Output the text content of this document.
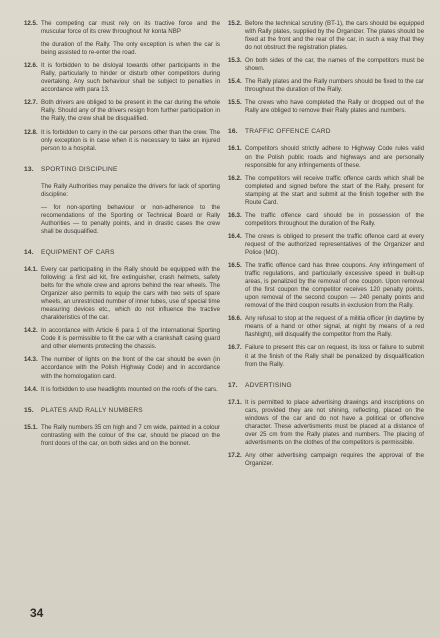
12.5. The competing car must rely on its tractive force and the muscular force of its crew throughout Nr konta NBP
the duration of the Rally. The only exception is when the car is being assisted to re-enter the road.
12.6. It is forbidden to be disloyal towards other participants in the Rally, particularly to hinder or disturb other competitors during overtaking. Any such behaviour shall be subject to penalties in accordance with para 13.
12.7. Both drivers are obliged to be present in the car during the whole Rally. Should any of the drivers resign from further participation in the Rally, the crew shall be disqualified.
12.8. It is forbidden to carry in the car persons other than the crew. The only exception is in case when it is necessary to take an injured person to a hospital.
13.	SPORTING DISCIPLINE
The Rally Authorities may penalize the drivers for lack of sporting discipline:
— for non-sporting behaviour or non-adherence to the recomendations of the Sporting or Technical Board or Rally Authorities — to penalty points, and in drastic cases the crew shall be dusqualified.
14.	EQUIPMENT OF CARS
14.1. Every car participating in the Rally should be equipped with the following: a first aid kit, fire extinguisher, crash helmets, safety belts for the whole crew and aprons behind the rear wheels. The Organizer also permits to equip the cars with two sets of spare wheels, an unrestricted number of inner tubes, use of special time measuring devices etc., which do not influence the tractive charakteristics of the car.
14.2. In accordance with Article 6 para 1 of the International Sporting Code it is permissible to fit the car with a crankshaft casing guard and other elements protecting the chassis.
14.3. The number of lights on the front of the car should be even (in accordance with the Polish Highway Code) and in accordance with the homologation card.
14.4. It is forbidden to use headlights mounted on the roofs of the cars.
15.	PLATES AND RALLY NUMBERS
15.1. The Rally numbers 35 cm high and 7 cm wide, painted in a colour contrasting with the colour of the car, should be placed on the front doors of the car, on both sides and on the bonnet.
15.2. Before the technical scrutiny (BT-1), the cars should be equipped with Rally plates, supplied by the Organizer. The plates should be fixed at the front and the rear of the car, in such a way that they do not obstruct the registration plates.
15.3. On both sides of the car, the names of the competitors must be shown.
15.4. The Rally plates and the Rally numbers should be fixed to the car throughout the duration of the Rally.
15.5. The crews who have completed the Rally or dropped out of the Rally are obliged to remove their Rally plates and numbers.
16.	TRAFFIC OFFENCE CARD
16.1. Competitors should strictly adhere to Highway Code rules valid on the Polish public roads and highways and are personally responsible for any infringements of these.
16.2. The competitors will receive traffic offence cards which shall be completed and signed before the start of the Rally, present for stamping at the start and submit at the finish together with the Route Card.
16.3. The traffic offence card should be in possession of the competitors throughout the duration of the Rally.
16.4. The crews is obliged to present the traffic offence card at every request of the authorized representatives of the Organizer and Police (MO).
16.5. The traffic offence card has three coupons. Any infringement of traffic regulations, and particularly excessive speed in built-up areas, is penalized by the removal of one coupon. Upon removal of the first coupon the competitor receives 120 penalty points, upon removal of the second coupon — 240 penalty points and removal of the third coupon results in exclusion from the Rally.
16.6. Any refusal to stop at the request of a militia officer (in daytime by means of a hand or other signal, at night by means of a red flashlight), will disqualify the competitor from the Rally.
16.7. Failure to present this car on request, its loss or failure to submit it at the finish of the Rally shall be penalized by disqualification from the Rally.
17.	ADVERTISING
17.1. It is permitted to place advertising drawings and inscriptions on cars, provided they are not shining, reflecting, placed on the windows of the car and do not have a political or offencive character. These advertisments must be placed at a distance of over 25 cm from the Rally plates and numbers. The placing of advertisments on the clothes of the competitors is permissible.
17.2. Any other advertising campaign requires the approval of the Organizer.
34
